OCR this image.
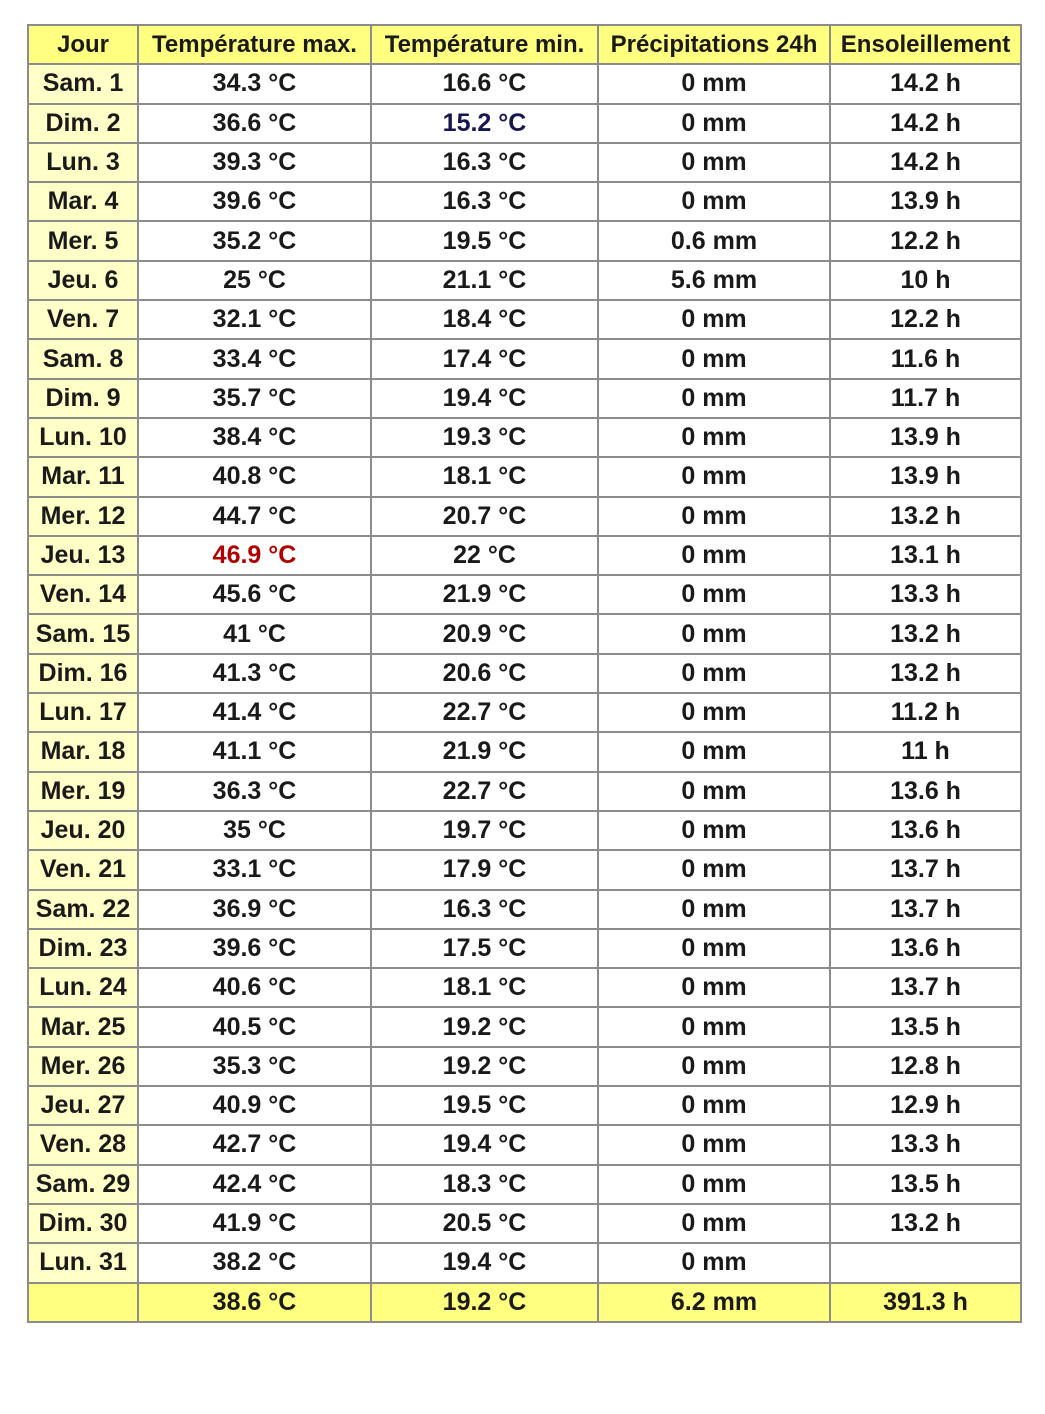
Jour	Température max.	Température min.	Précipitations 24h	Ensoleillement
Sam. 1	34.3 °C	16.6 °C	0 mm	14.2 h
Dim. 2	36.6 °C	15.2 °C	0 mm	14.2 h
Lun. 3	39.3 °C	16.3 °C	0 mm	14.2 h
Mar. 4	39.6 °C	16.3 °C	0 mm	13.9 h
Mer. 5	35.2 °C	19.5 °C	0.6 mm	12.2 h
Jeu. 6	25 °C	21.1 °C	5.6 mm	10 h
Ven. 7	32.1 °C	18.4 °C	0 mm	12.2 h
Sam. 8	33.4 °C	17.4 °C	0 mm	11.6 h
Dim. 9	35.7 °C	19.4 °C	0 mm	11.7 h
Lun. 10	38.4 °C	19.3 °C	0 mm	13.9 h
Mar. 11	40.8 °C	18.1 °C	0 mm	13.9 h
Mer. 12	44.7 °C	20.7 °C	0 mm	13.2 h
Jeu. 13	46.9 °C	22 °C	0 mm	13.1 h
Ven. 14	45.6 °C	21.9 °C	0 mm	13.3 h
Sam. 15	41 °C	20.9 °C	0 mm	13.2 h
Dim. 16	41.3 °C	20.6 °C	0 mm	13.2 h
Lun. 17	41.4 °C	22.7 °C	0 mm	11.2 h
Mar. 18	41.1 °C	21.9 °C	0 mm	11 h
Mer. 19	36.3 °C	22.7 °C	0 mm	13.6 h
Jeu. 20	35 °C	19.7 °C	0 mm	13.6 h
Ven. 21	33.1 °C	17.9 °C	0 mm	13.7 h
Sam. 22	36.9 °C	16.3 °C	0 mm	13.7 h
Dim. 23	39.6 °C	17.5 °C	0 mm	13.6 h
Lun. 24	40.6 °C	18.1 °C	0 mm	13.7 h
Mar. 25	40.5 °C	19.2 °C	0 mm	13.5 h
Mer. 26	35.3 °C	19.2 °C	0 mm	12.8 h
Jeu. 27	40.9 °C	19.5 °C	0 mm	12.9 h
Ven. 28	42.7 °C	19.4 °C	0 mm	13.3 h
Sam. 29	42.4 °C	18.3 °C	0 mm	13.5 h
Dim. 30	41.9 °C	20.5 °C	0 mm	13.2 h
Lun. 31	38.2 °C	19.4 °C	0 mm	
	38.6 °C	19.2 °C	6.2 mm	391.3 h
